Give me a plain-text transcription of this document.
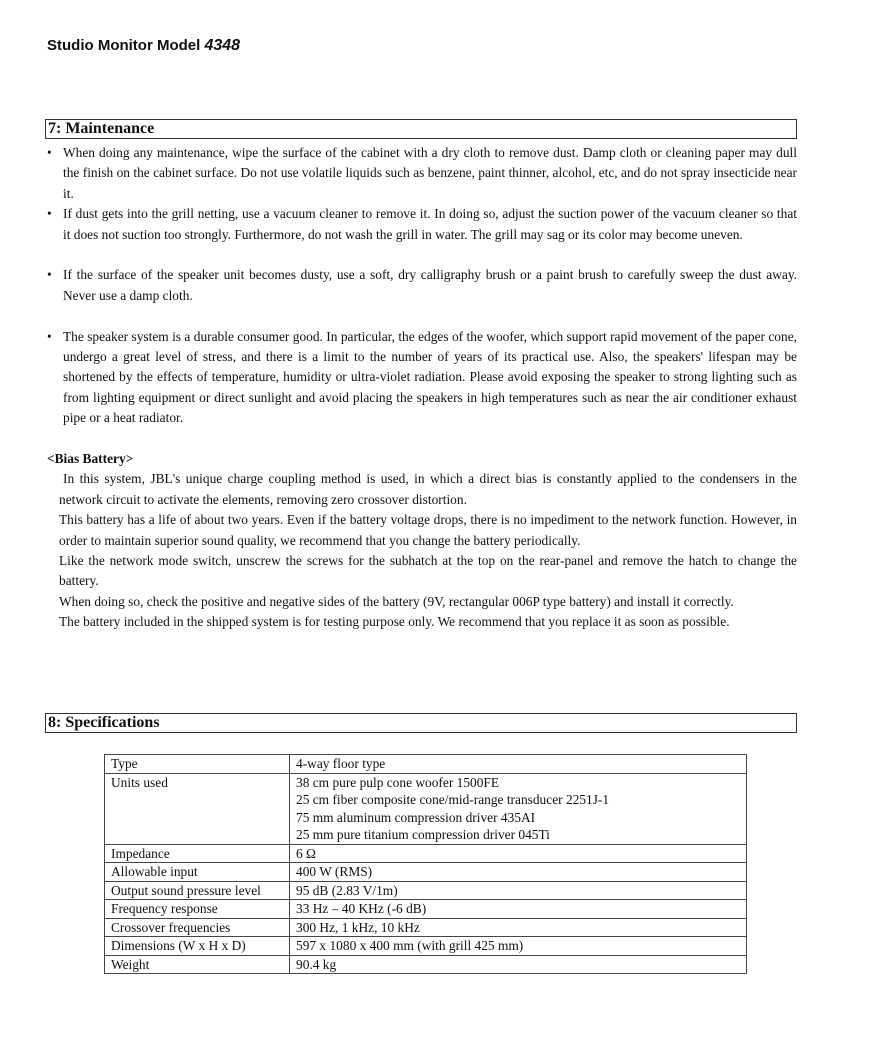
Studio Monitor Model 4348
7: Maintenance
• When doing any maintenance, wipe the surface of the cabinet with a dry cloth to remove dust. Damp cloth or cleaning paper may dull the finish on the cabinet surface. Do not use volatile liquids such as benzene, paint thinner, alcohol, etc, and do not spray insecticide near it.
• If dust gets into the grill netting, use a vacuum cleaner to remove it. In doing so, adjust the suction power of the vacuum cleaner so that it does not suction too strongly. Furthermore, do not wash the grill in water. The grill may sag or its color may become uneven.
• If the surface of the speaker unit becomes dusty, use a soft, dry calligraphy brush or a paint brush to carefully sweep the dust away. Never use a damp cloth.
• The speaker system is a durable consumer good. In particular, the edges of the woofer, which support rapid movement of the paper cone, undergo a great level of stress, and there is a limit to the number of years of its practical use. Also, the speakers' lifespan may be shortened by the effects of temperature, humidity or ultra-violet radiation. Please avoid exposing the speaker to strong lighting such as from lighting equipment or direct sunlight and avoid placing the speakers in high temperatures such as near the air conditioner exhaust pipe or a heat radiator.
<Bias Battery>
In this system, JBL's unique charge coupling method is used, in which a direct bias is constantly applied to the condensers in the network circuit to activate the elements, removing zero crossover distortion.
This battery has a life of about two years. Even if the battery voltage drops, there is no impediment to the network function. However, in order to maintain superior sound quality, we recommend that you change the battery periodically.
Like the network mode switch, unscrew the screws for the subhatch at the top on the rear-panel and remove the hatch to change the battery.
When doing so, check the positive and negative sides of the battery (9V, rectangular 006P type battery) and install it correctly.
The battery included in the shipped system is for testing purpose only. We recommend that you replace it as soon as possible.
8: Specifications
Type	4-way floor type

Units used	38 cm pure pulp cone woofer 1500FE
25 cm fiber composite cone/mid-range transducer 2251J-1
75 mm aluminum compression driver 435AI
25 mm pure titanium compression driver 045Ti

Impedance	6 Ω

Allowable input	400 W (RMS)

Output sound pressure level	95 dB (2.83 V/1m)

Frequency response	33 Hz – 40 KHz (-6 dB)

Crossover frequencies	300 Hz, 1 kHz, 10 kHz

Dimensions (W x H x D)	597 x 1080 x 400 mm (with grill 425 mm)

Weight	90.4 kg
